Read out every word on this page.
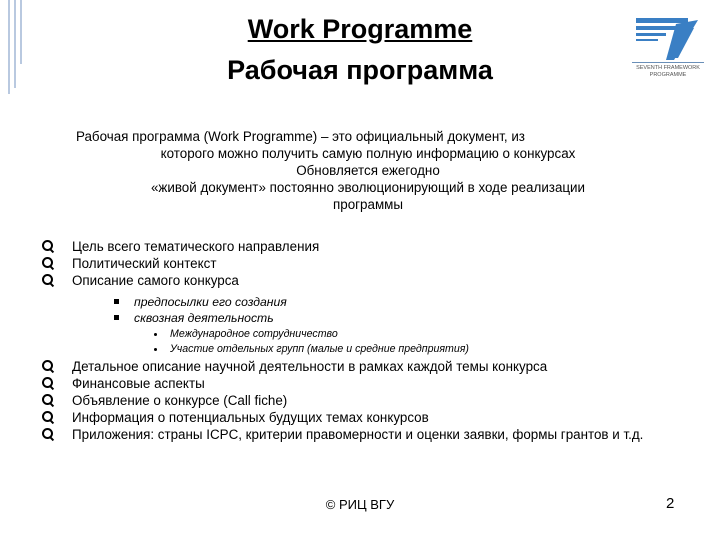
Work Programme
Рабочая программа	SEVENTH FRAMEWORK
PROGRAMME
Рабочая программа (Work Programme) – это официальный документ, из
которого можно получить самую полную информацию о конкурсах
Обновляется ежегодно
«живой документ» постоянно эволюционирующий в ходе реализации
программы
Цель всего тематического направления
Политический контекст
Описание самого конкурса
предпосылки его создания
сквозная деятельность
Международное сотрудничество
Участие отдельных групп (малые и средние предприятия)
Детальное описание научной деятельности в рамках каждой темы конкурса
Финансовые аспекты
Объявление о конкурсе (Call fiche)
Информация о потенциальных будущих темах конкурсов
Приложения: страны ICPC, критерии правомерности и оценки заявки, формы грантов и т.д.
© РИЦ ВГУ	2
